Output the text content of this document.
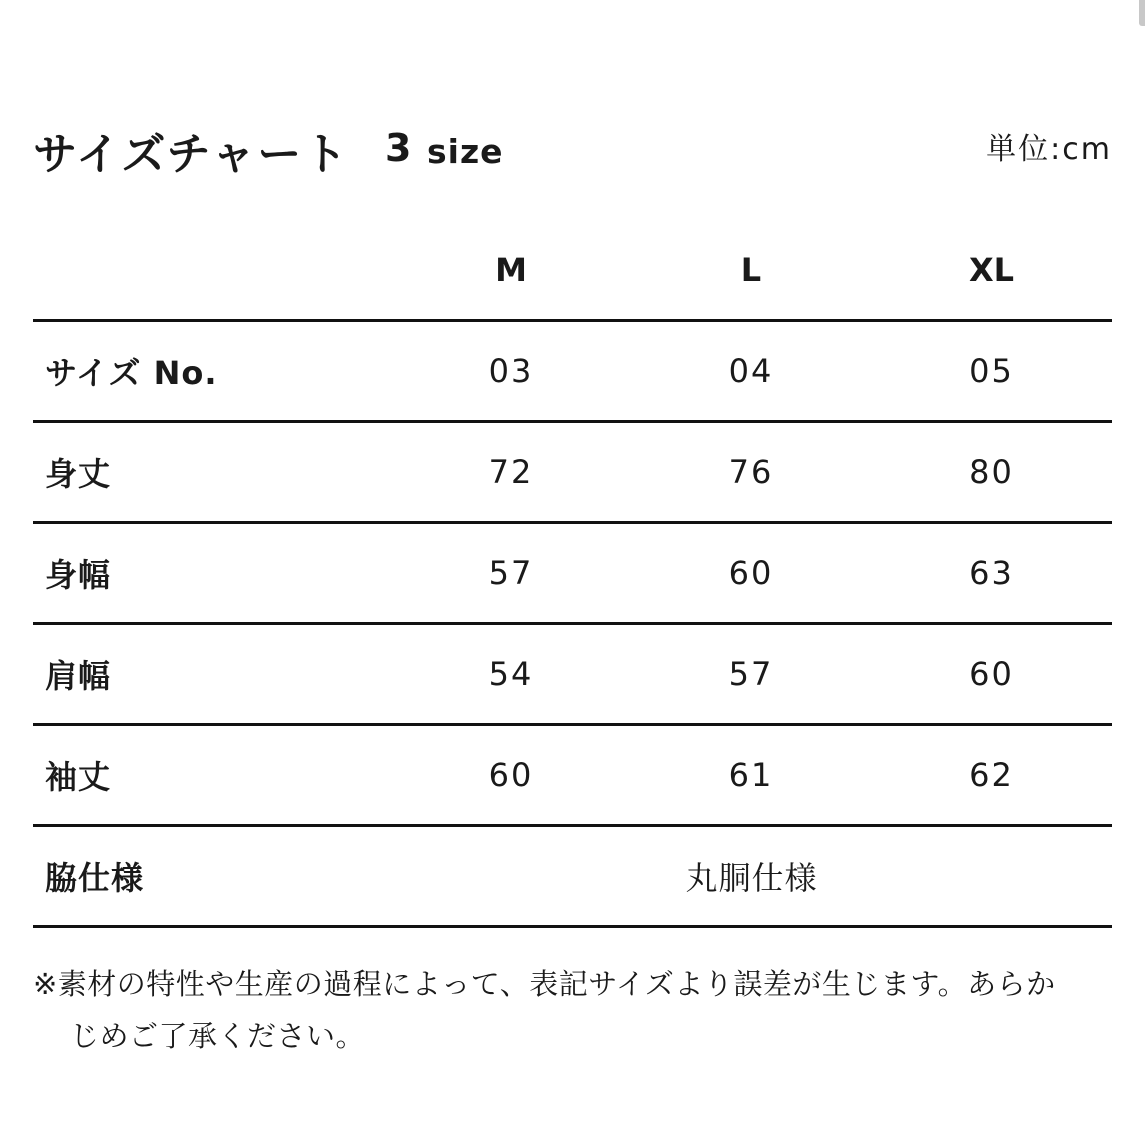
サイズチャート 3 size	単位:cm
	M	L	XL
サイズ No.	03	04	05
身丈	72	76	80
身幅	57	60	63
肩幅	54	57	60
袖丈	60	61	62
脇仕様	丸胴仕様		
※素材の特性や生産の過程によって、表記サイズより誤差が生じます。あらか
じめご了承ください。
